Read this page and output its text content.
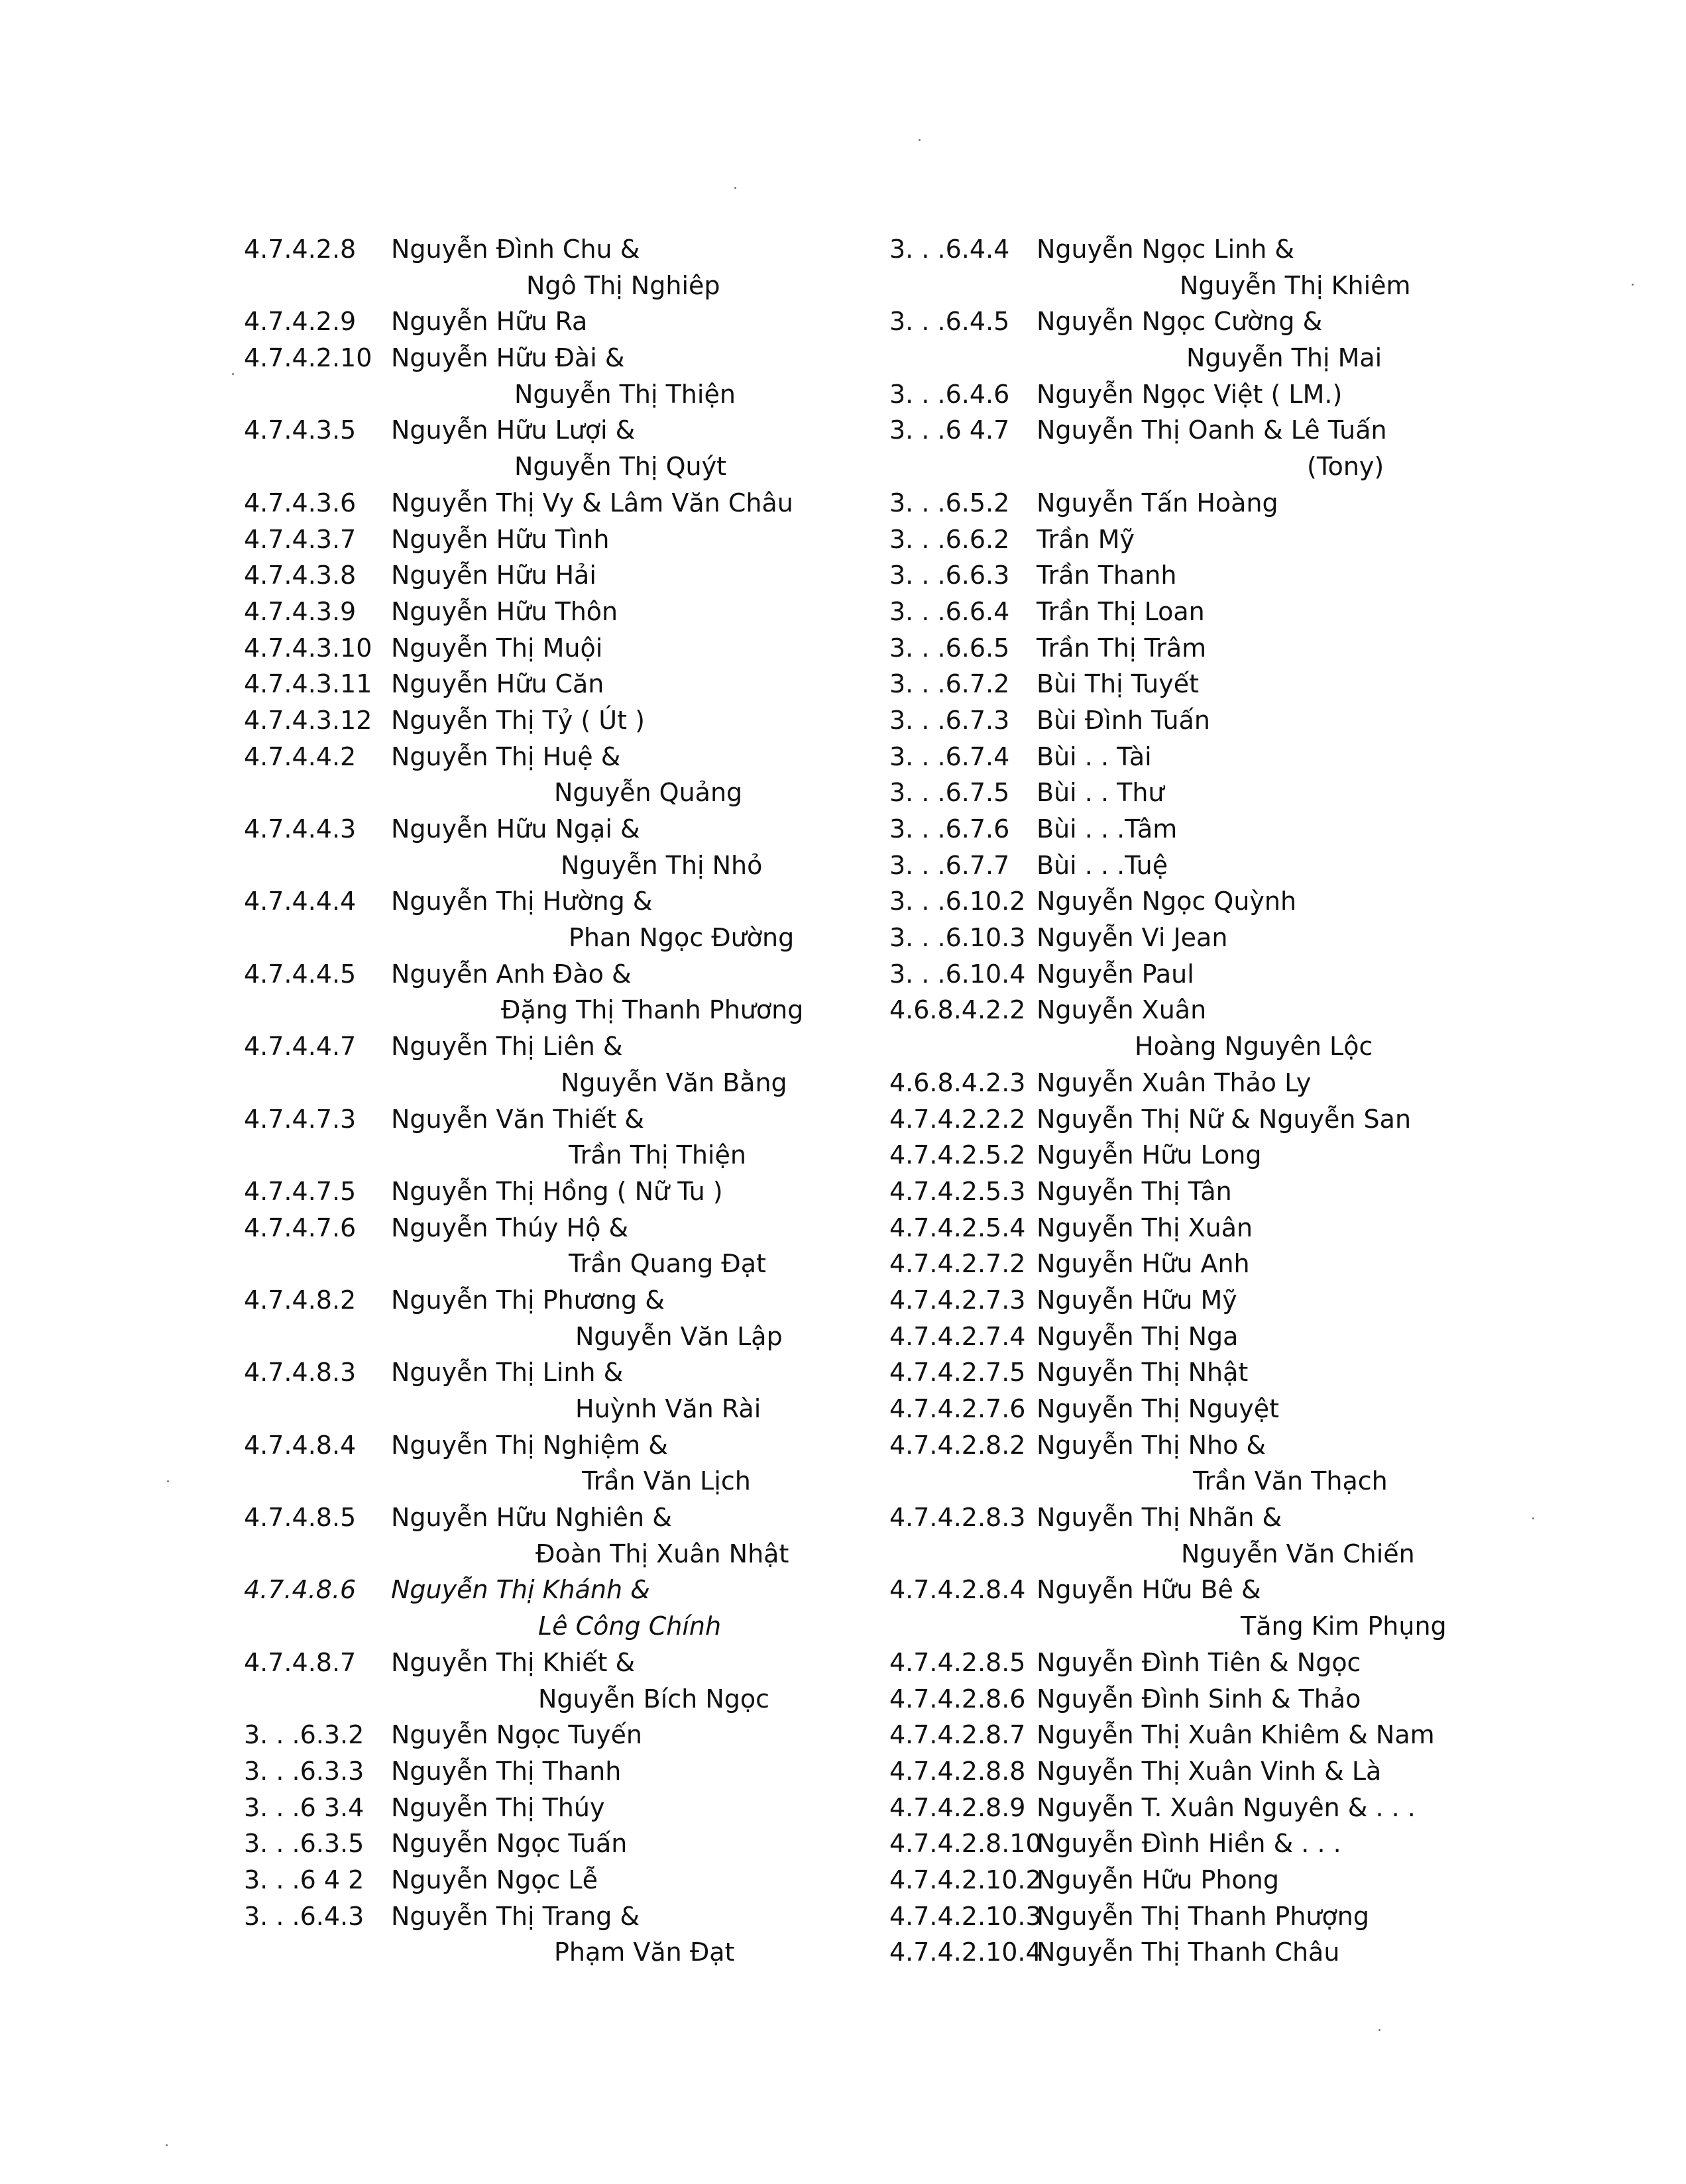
4.7.4.2.8 Nguyễn Đình Chu &
Ngô Thị Nghiêp
4.7.4.2.9 Nguyễn Hữu Ra
4.7.4.2.10 Nguyễn Hữu Đài &
Nguyễn Thị Thiện
4.7.4.3.5 Nguyễn Hữu Lượi &
Nguyễn Thị Quýt
4.7.4.3.6 Nguyễn Thị Vy & Lâm Văn Châu
4.7.4.3.7 Nguyễn Hữu Tình
4.7.4.3.8 Nguyễn Hữu Hải
4.7.4.3.9 Nguyễn Hữu Thôn
4.7.4.3.10 Nguyễn Thị Muội
4.7.4.3.11 Nguyễn Hữu Căn
4.7.4.3.12 Nguyễn Thị Tỷ ( Út )
4.7.4.4.2 Nguyễn Thị Huệ &
Nguyễn Quảng
4.7.4.4.3 Nguyễn Hữu Ngại &
Nguyễn Thị Nhỏ
4.7.4.4.4 Nguyễn Thị Hường &
Phan Ngọc Đường
4.7.4.4.5 Nguyễn Anh Đào &
Đặng Thị Thanh Phương
4.7.4.4.7 Nguyễn Thị Liên &
Nguyễn Văn Bằng
4.7.4.7.3 Nguyễn Văn Thiết &
Trần Thị Thiện
4.7.4.7.5 Nguyễn Thị Hồng ( Nữ Tu )
4.7.4.7.6 Nguyễn Thúy Hộ &
Trần Quang Đạt
4.7.4.8.2 Nguyễn Thị Phương &
Nguyễn Văn Lập
4.7.4.8.3 Nguyễn Thị Linh &
Huỳnh Văn Rài
4.7.4.8.4 Nguyễn Thị Nghiệm &
Trần Văn Lịch
4.7.4.8.5 Nguyễn Hữu Nghiên &
Đoàn Thị Xuân Nhật
4.7.4.8.6 Nguyễn Thị Khánh &
Lê Công Chính
4.7.4.8.7 Nguyễn Thị Khiết &
Nguyễn Bích Ngọc
3. . .6.3.2 Nguyễn Ngọc Tuyến
3. . .6.3.3 Nguyễn Thị Thanh
3. . .6 3.4 Nguyễn Thị Thúy
3. . .6.3.5 Nguyễn Ngọc Tuấn
3. . .6 4 2 Nguyễn Ngọc Lễ
3. . .6.4.3 Nguyễn Thị Trang &
Phạm Văn Đạt
3. . .6.4.4 Nguyễn Ngọc Linh &
Nguyễn Thị Khiêm
3. . .6.4.5 Nguyễn Ngọc Cường &
Nguyễn Thị Mai
3. . .6.4.6 Nguyễn Ngọc Việt ( LM.)
3. . .6 4.7 Nguyễn Thị Oanh & Lê Tuấn
(Tony)
3. . .6.5.2 Nguyễn Tấn Hoàng
3. . .6.6.2 Trần Mỹ
3. . .6.6.3 Trần Thanh
3. . .6.6.4 Trần Thị Loan
3. . .6.6.5 Trần Thị Trâm
3. . .6.7.2 Bùi Thị Tuyết
3. . .6.7.3 Bùi Đình Tuấn
3. . .6.7.4 Bùi . . Tài
3. . .6.7.5 Bùi . . Thư
3. . .6.7.6 Bùi . . .Tâm
3. . .6.7.7 Bùi . . .Tuệ
3. . .6.10.2 Nguyễn Ngọc Quỳnh
3. . .6.10.3 Nguyễn Vi Jean
3. . .6.10.4 Nguyễn Paul
4.6.8.4.2.2 Nguyễn Xuân
Hoàng Nguyên Lộc
4.6.8.4.2.3 Nguyễn Xuân Thảo Ly
4.7.4.2.2.2 Nguyễn Thị Nữ & Nguyễn San
4.7.4.2.5.2 Nguyễn Hữu Long
4.7.4.2.5.3 Nguyễn Thị Tân
4.7.4.2.5.4 Nguyễn Thị Xuân
4.7.4.2.7.2 Nguyễn Hữu Anh
4.7.4.2.7.3 Nguyễn Hữu Mỹ
4.7.4.2.7.4 Nguyễn Thị Nga
4.7.4.2.7.5 Nguyễn Thị Nhật
4.7.4.2.7.6 Nguyễn Thị Nguyệt
4.7.4.2.8.2 Nguyễn Thị Nho &
Trần Văn Thạch
4.7.4.2.8.3 Nguyễn Thị Nhãn &
Nguyễn Văn Chiến
4.7.4.2.8.4 Nguyễn Hữu Bê &
Tăng Kim Phụng
4.7.4.2.8.5 Nguyễn Đình Tiên & Ngọc
4.7.4.2.8.6 Nguyễn Đình Sinh & Thảo
4.7.4.2.8.7 Nguyễn Thị Xuân Khiêm & Nam
4.7.4.2.8.8 Nguyễn Thị Xuân Vinh & Là
4.7.4.2.8.9 Nguyễn T. Xuân Nguyên & . . .
4.7.4.2.8.10
Nguyễn Đình Hiền & . . .
4.7.4.2.10.2
Nguyễn Hữu Phong
4.7.4.2.10.3
Nguyễn Thị Thanh Phượng
4.7.4.2.10.4
Nguyễn Thị Thanh Châu
